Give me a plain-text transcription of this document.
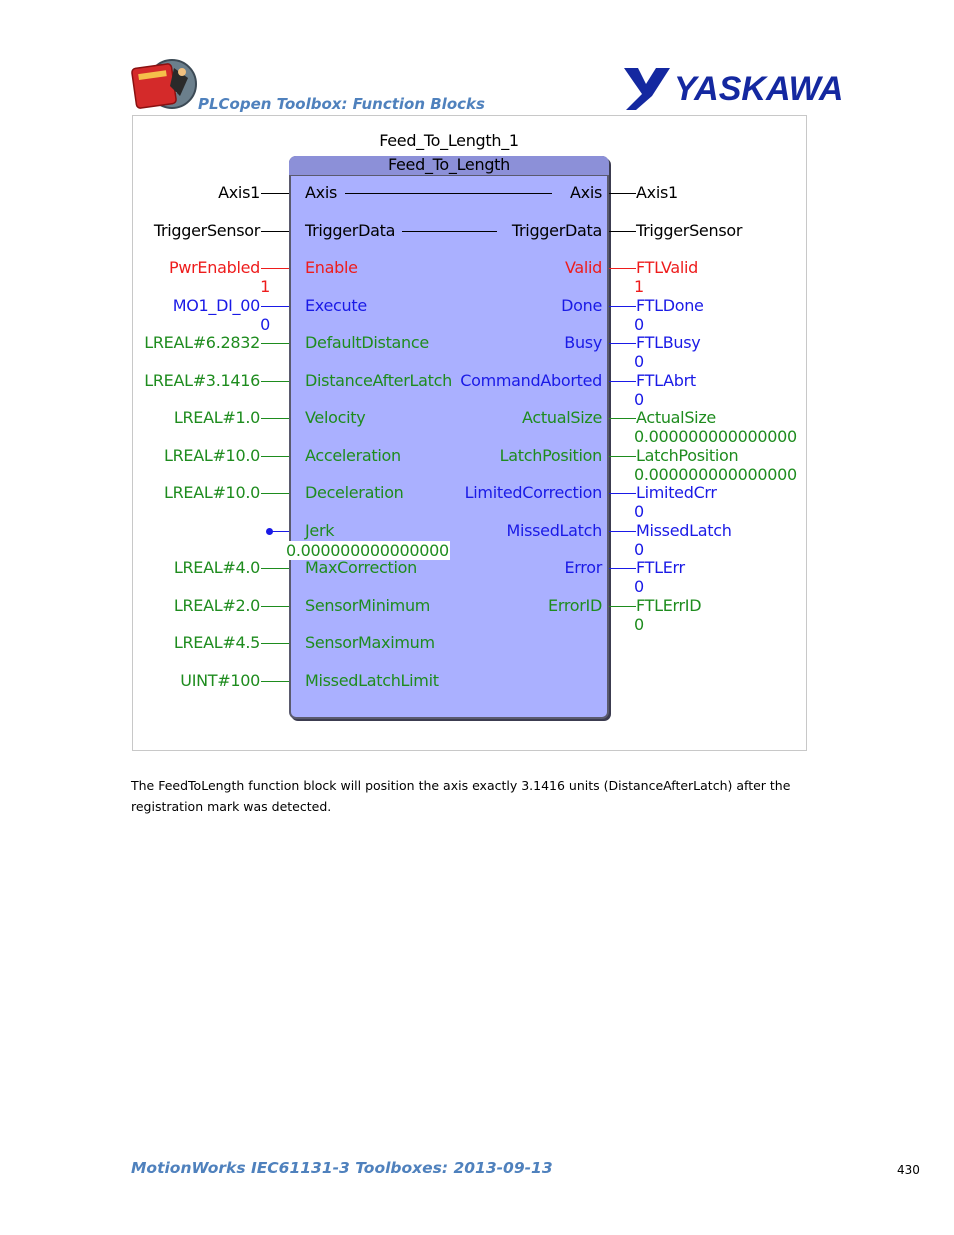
PLCopen Toolbox: Function Blocks	YASKAWA
Feed_To_Length_1
Feed_To_Length
Axis
Axis1
TriggerData
TriggerSensor
Enable
PwrEnabled
1
Execute
MO1_DI_00
0
DefaultDistance
LREAL#6.2832
DistanceAfterLatch
LREAL#3.1416
Velocity
LREAL#1.0
Acceleration
LREAL#10.0
Deceleration
LREAL#10.0
Jerk
0.000000000000000
MaxCorrection
LREAL#4.0
SensorMinimum
LREAL#2.0
SensorMaximum
LREAL#4.5
MissedLatchLimit
UINT#100
Axis Axis1
TriggerData TriggerSensor
Valid FTLValid
1
Done FTLDone
0
Busy FTLBusy
0
CommandAborted FTLAbrt
0
ActualSize ActualSize
0.000000000000000
LatchPosition LatchPosition
0.000000000000000
LimitedCorrection LimitedCrr
0
MissedLatch MissedLatch
0
Error FTLErr
0
ErrorID FTLErrID
0
The FeedToLength function block will position the axis exactly 3.1416 units (DistanceAfterLatch) after the registration mark was detected.
MotionWorks IEC61131-3 Toolboxes: 2013-09-13	430
